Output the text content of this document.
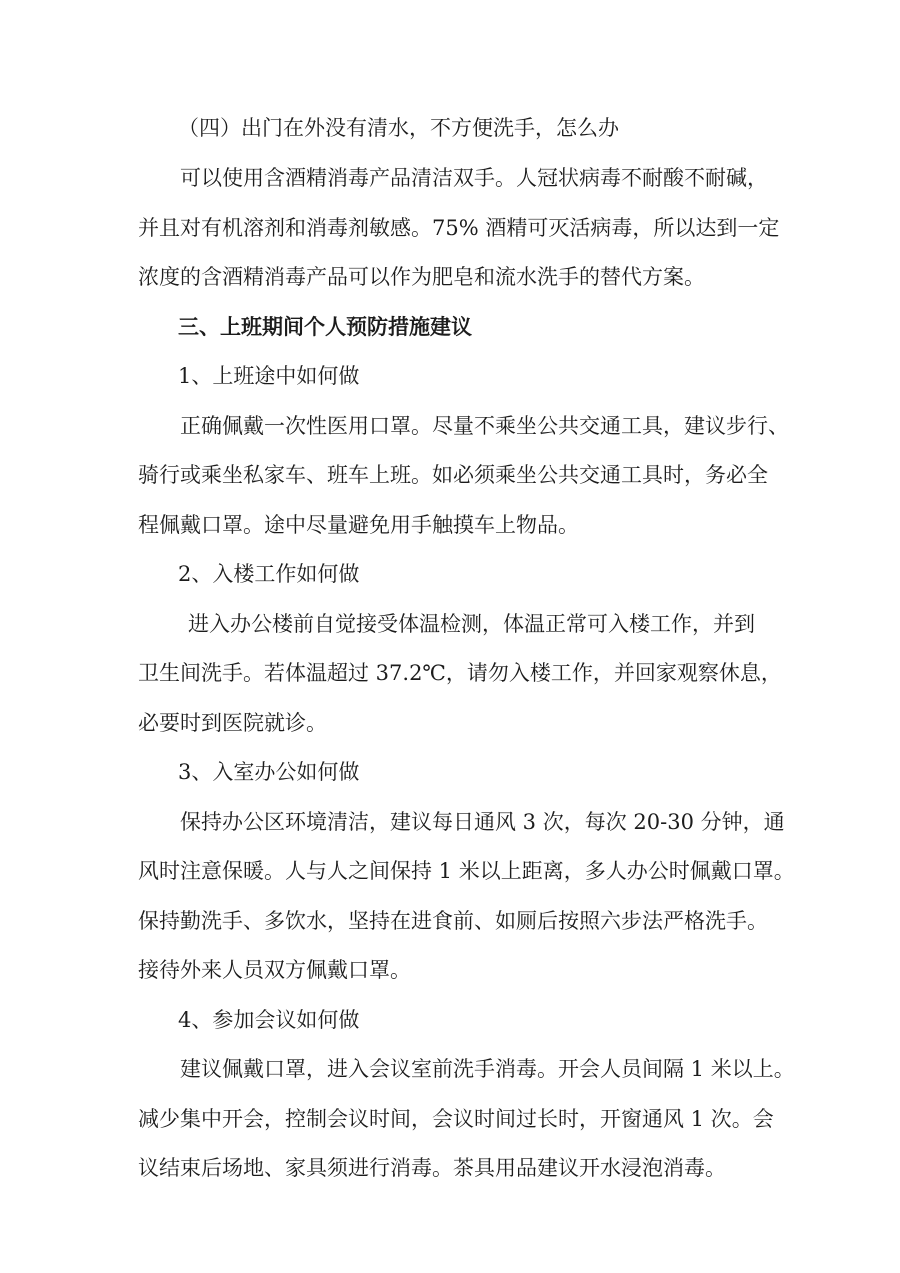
（四）出门在外没有清水，不方便洗手，怎么办

可以使用含酒精消毒产品清洁双手。人冠状病毒不耐酸不耐碱，

并且对有机溶剂和消毒剂敏感。75% 酒精可灭活病毒，所以达到一定

浓度的含酒精消毒产品可以作为肥皂和流水洗手的替代方案。

三、上班期间个人预防措施建议

1、上班途中如何做

正确佩戴一次性医用口罩。尽量不乘坐公共交通工具，建议步行、

骑行或乘坐私家车、班车上班。如必须乘坐公共交通工具时，务必全

程佩戴口罩。途中尽量避免用手触摸车上物品。

2、入楼工作如何做

进入办公楼前自觉接受体温检测，体温正常可入楼工作，并到

卫生间洗手。若体温超过 37.2℃，请勿入楼工作，并回家观察休息，

必要时到医院就诊。

3、入室办公如何做

保持办公区环境清洁，建议每日通风 3 次，每次 20-30 分钟，通

风时注意保暖。人与人之间保持 1 米以上距离，多人办公时佩戴口罩。

保持勤洗手、多饮水，坚持在进食前、如厕后按照六步法严格洗手。

接待外来人员双方佩戴口罩。

4、参加会议如何做

建议佩戴口罩，进入会议室前洗手消毒。开会人员间隔 1 米以上。

减少集中开会，控制会议时间，会议时间过长时，开窗通风 1 次。会

议结束后场地、家具须进行消毒。茶具用品建议开水浸泡消毒。
